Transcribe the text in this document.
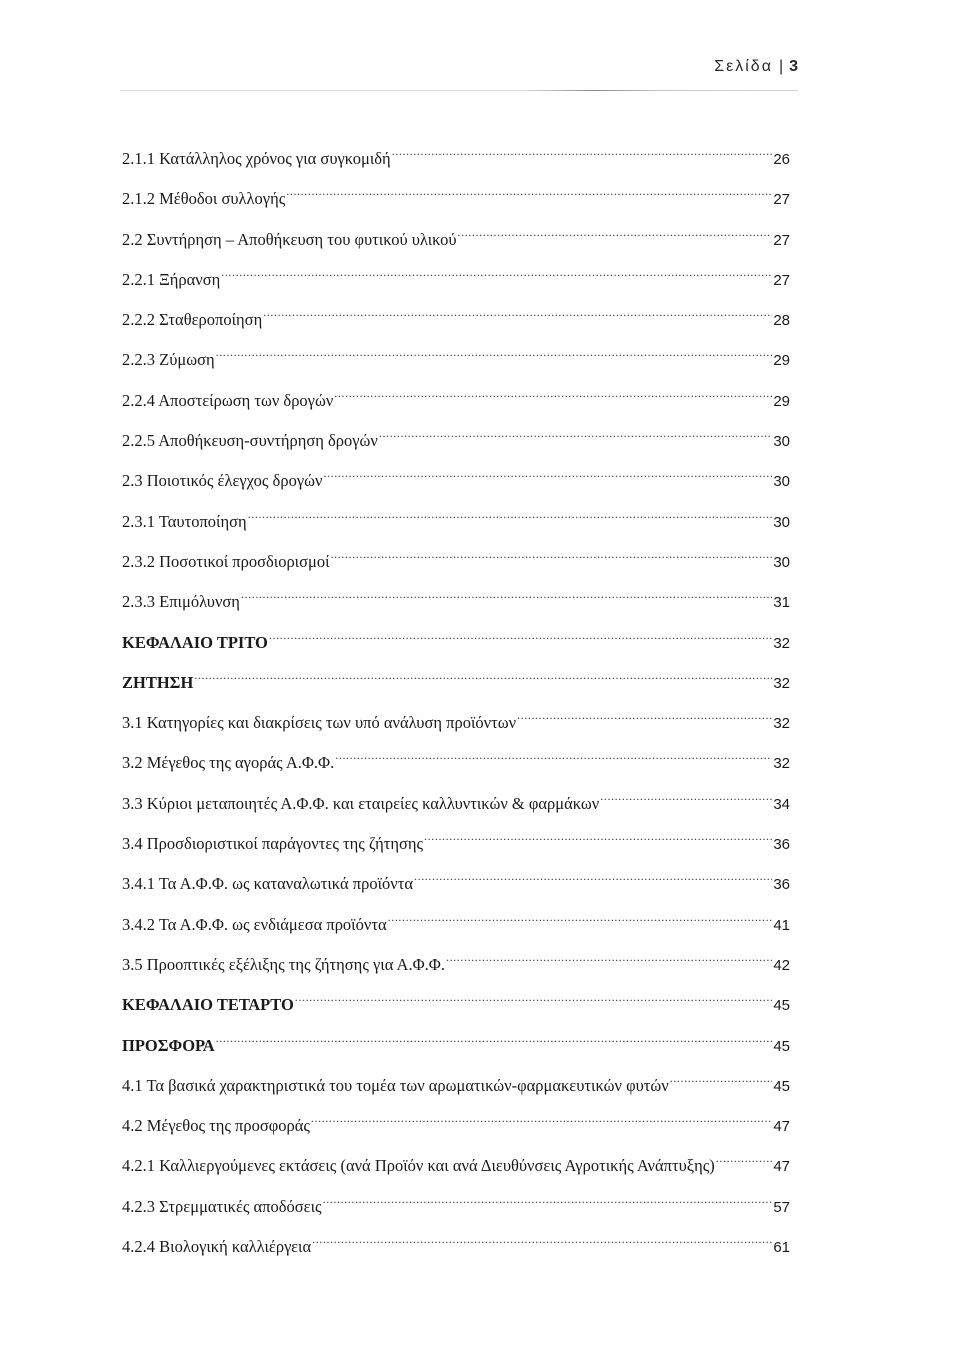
Σελίδα | 3
2.1.1 Κατάλληλος χρόνος για συγκομιδή .....	26
2.1.2 Μέθοδοι συλλογής .....	27
2.2 Συντήρηση – Αποθήκευση του φυτικού υλικού .....	27
2.2.1 Ξήρανση .....	27
2.2.2 Σταθεροποίηση .....	28
2.2.3 Ζύμωση .....	29
2.2.4 Αποστείρωση των δρογών .....	29
2.2.5 Αποθήκευση-συντήρηση δρογών .....	30
2.3 Ποιοτικός έλεγχος δρογών .....	30
2.3.1 Ταυτοποίηση .....	30
2.3.2 Ποσοτικοί προσδιορισμοί .....	30
2.3.3 Επιμόλυνση .....	31
ΚΕΦΑΛΑΙΟ ΤΡΙΤΟ .....	32
ΖΗΤΗΣΗ .....	32
3.1 Κατηγορίες και διακρίσεις των υπό ανάλυση προϊόντων .....	32
3.2 Μέγεθος της αγοράς Α.Φ.Φ. .....	32
3.3 Κύριοι μεταποιητές Α.Φ.Φ. και εταιρείες καλλυντικών & φαρμάκων .....	34
3.4 Προσδιοριστικοί παράγοντες της ζήτησης .....	36
3.4.1 Τα Α.Φ.Φ. ως καταναλωτικά προϊόντα .....	36
3.4.2 Τα Α.Φ.Φ. ως ενδιάμεσα προϊόντα .....	41
3.5 Προοπτικές εξέλιξης της ζήτησης για Α.Φ.Φ. .....	42
ΚΕΦΑΛΑΙΟ ΤΕΤΑΡΤΟ .....	45
ΠΡΟΣΦΟΡΑ .....	45
4.1 Τα βασικά χαρακτηριστικά του τομέα των αρωματικών-φαρμακευτικών φυτών .....	45
4.2 Μέγεθος της προσφοράς .....	47
4.2.1 Καλλιεργούμενες εκτάσεις (ανά Προϊόν και ανά Διευθύνσεις Αγροτικής Ανάπτυξης) .....	47
4.2.3 Στρεμματικές αποδόσεις .....	57
4.2.4 Βιολογική καλλιέργεια .....	61
